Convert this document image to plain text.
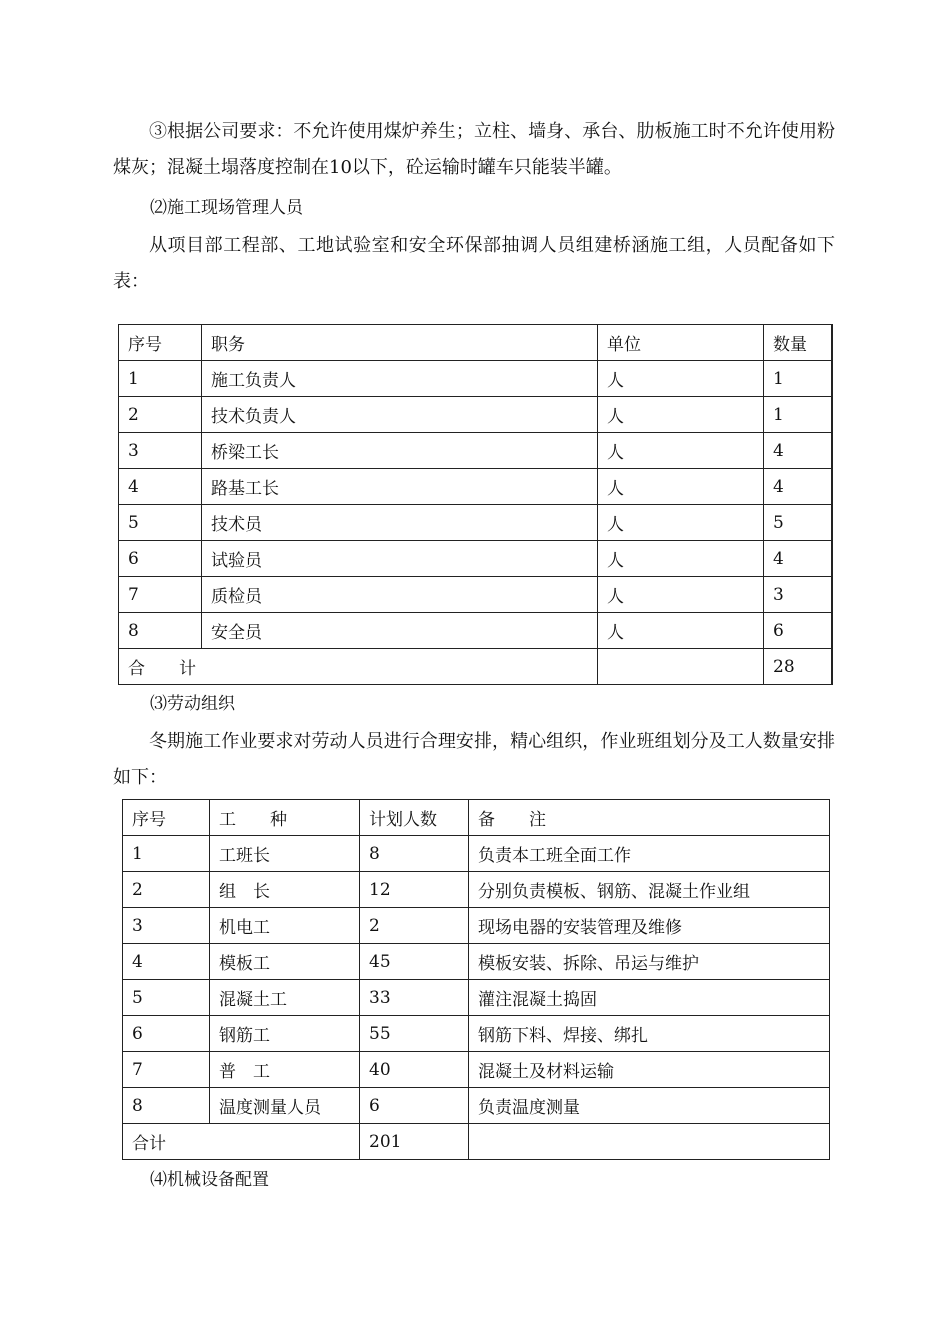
③根据公司要求：不允许使用煤炉养生；立柱、墙身、承台、肋板施工时不允许使用粉煤灰；混凝土塌落度控制在10以下，砼运输时罐车只能装半罐。

⑵施工现场管理人员

从项目部工程部、工地试验室和安全环保部抽调人员组建桥涵施工组，人员配备如下表：

序号	职务	单位	数量
1	施工负责人	人	1
2	技术负责人	人	1
3	桥梁工长	人	4
4	路基工长	人	4
5	技术员	人	5
6	试验员	人	4
7	质检员	人	3
8	安全员	人	6
合　　计			28

⑶劳动组织

冬期施工作业要求对劳动人员进行合理安排，精心组织，作业班组划分及工人数量安排如下：

序号	工　　种	计划人数	备　　注
1	工班长	8	负责本工班全面工作
2	组　长	12	分别负责模板、钢筋、混凝土作业组
3	机电工	2	现场电器的安装管理及维修
4	模板工	45	模板安装、拆除、吊运与维护
5	混凝土工	33	灌注混凝土捣固
6	钢筋工	55	钢筋下料、焊接、绑扎
7	普　工	40	混凝土及材料运输
8	温度测量人员	6	负责温度测量
合计		201	

⑷机械设备配置
